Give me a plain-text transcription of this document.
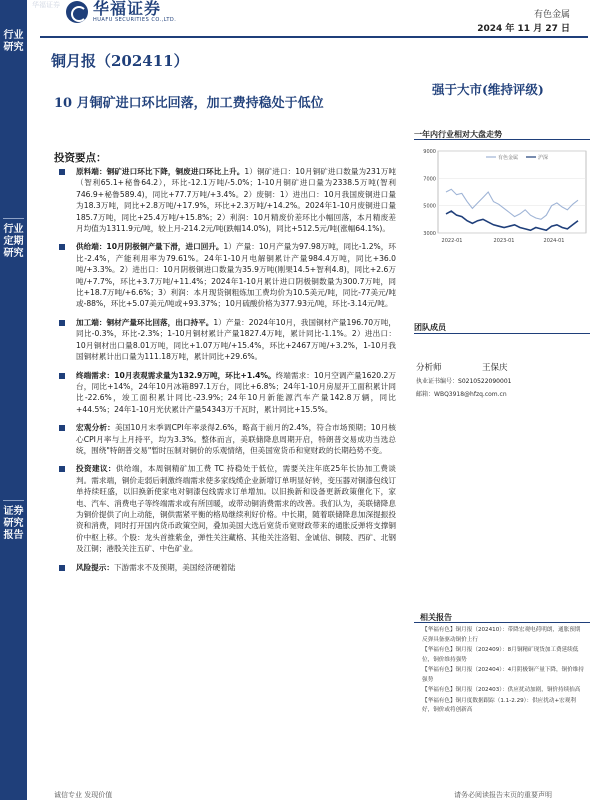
行业研究
行业定期研究
证券研究报告
华福证券 华福证券
HUAFU SECURITIES CO.,LTD.	有色金属
2024 年 11 月 27 日
铜月报（202411）
10 月铜矿进口环比回落，加工费持稳处于低位
强于大市(维持评级)
投资要点：
原料端：铜矿进口环比下降，铜废进口环比上升。1）铜矿进口：10月铜矿进口数量为231万吨（智利65.1+秘鲁64.2），环比-12.1万吨/-5.0%；1-10月铜矿进口量为2338.5万吨(智利746.9+秘鲁589.4)，同比+77.7万吨/+3.4%。2）废铜：1）进出口：10月我国废铜进口量为18.3万吨，同比+2.8万吨/+17.9%，环比+2.3万吨/+14.2%。2024年1-10月废铜进口量185.7万吨，同比+25.4万吨/+15.8%；2）利润：10月精废价差环比小幅回落，本月精废差月均值为1311.9元/吨，较上月-214.2元/吨(跌幅14.0%)，同比+512.5元/吨(涨幅64.1%)。
供给端：10月阴极铜产量下滑，进口回升。1）产量：10月产量为97.98万吨，同比-1.2%，环比-2.4%，产能利用率为79.61%。24年1-10月电解铜累计产量984.4万吨，同比+36.0吨/+3.3%。2）进出口：10月阴极铜进口数量为35.9万吨(刚果14.5+智利4.8)，同比+2.6万吨/+7.7%，环比+3.7万吨/+11.4%；2024年1-10月累计进口阴极铜数量为300.7万吨，同比+18.7万吨/+6.6%；3）利润：本月现货铜粗炼加工费均价为10.5美元/吨，同比-77美元/吨或-88%，环比+5.07美元/吨或+93.37%；10月硫酸价格为377.93元/吨，环比-3.14元/吨。
加工端：铜材产量环比回落，出口持平。1）产量：2024年10月，我国铜材产量196.70万吨，同比-0.3%，环比-2.3%；1-10月铜材累计产量1827.4万吨，累计同比-1.1%。2）进出口：10月铜材出口量8.01万吨，同比+1.07万吨/+15.4%，环比+2467万吨/+3.2%，1-10月我国铜材累计出口量为111.18万吨，累计同比+29.6%。
终端需求：10月表观需求量为132.9万吨，环比+1.4%。终端需求：10月空调产量1620.2万台，同比+14%，24年10月冰箱897.1万台，同比+6.8%；24年1-10月房屋开工面积累计同比-22.6%，竣工面积累计同比-23.9%；24年10月新能源汽车产量142.8万辆，同比+44.5%；24年1-10月光伏累计产量54343万千瓦时，累计同比+15.5%。
宏观分析：美国10月末季调CPI年率录得2.6%，略高于前月的2.4%，符合市场预期；10月核心CPI月率与上月持平，均为3.3%。整体而言，美联储降息周期开启，特朗普交易成功当选总统，围绕"特朗普交易"暂时压制对铜价的乐观情绪，但美国宽货币和宽财政的长期趋势不变。
投资建议：供给端，本周铜精矿加工费 TC 持稳处于低位，需要关注年底25年长协加工费谈判。需求端，铜价走弱后刺激终端需求使多家线缆企业新增订单明显好转，变压器对铜漆包线订单持续旺盛，以旧换新使家电对铜漆包线需求订单增加。以旧换新和设备更新政策催化下，家电、汽车、消费电子等终端需求或有所回暖，或带动铜消费需求的改善。我们认为，美联储降息为铜价提供了向上动能，铜供需紧平衡的格局继续利好价格。中长期，随着联储降息加深提振投资和消费，同时打开国内货币政策空间，叠加美国大选后宽货币宽财政带来的通胀反弹将支撑铜价中枢上移。个股：龙头首推紫金，弹性关注藏格、其他关注洛钼、金诚信、铜陵、西矿、北钢及江铜；港股关注五矿、中色矿业。
风险提示：下游需求不及预期，美国经济硬着陆
一年内行业相对大盘走势
9000
7000
5000
3000
2022-01	2023-01	2024-01
有色金属	沪深
团队成员
分析师	王保庆
执业证书编号：S0210522090001
邮箱：WBQ3918@hfzq.com.cn
相关报告
【华福有色】铜月报（202410）：带降宏观电荷明朗，通胀预期反弹具备驱动铜价上行
【华福有色】铜月报（202409）：8月铜精矿现货加工费延续低位，铜价维持强势
【华福有色】铜月报（202404）：4月阴极铜产量下降，铜价维持强势
【华福有色】铜月报（202403）：供应扰动加剧，铜价持续抬高
【华福有色】铜月度数据跟踪（1.1-2.29）：供应扰动+宏观利好，铜价或将创新高
诚信专业 发现价值	请务必阅读报告末页的重要声明
